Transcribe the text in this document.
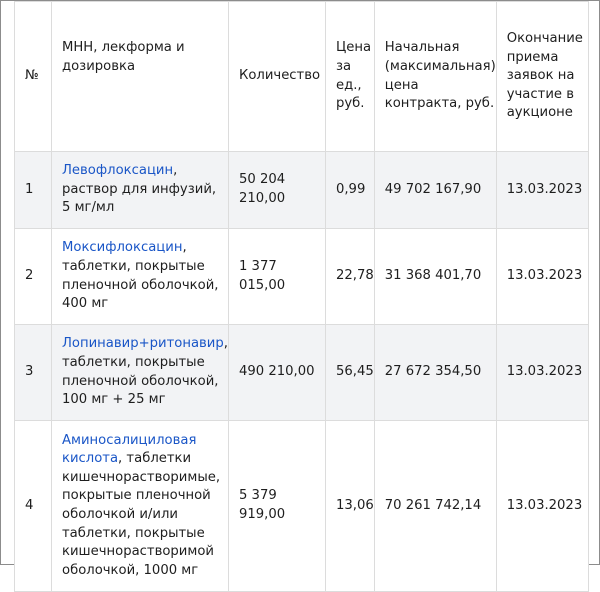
№	МНН, лекформа и дозировка	Количество	Цена за ед., руб.	Начальная (максимальная) цена контракта, руб.	Окончание приема заявок на участие в аукционе
1	Левофлоксацин, раствор для инфузий, 5 мг/мл	50 204 210,00	0,99	49 702 167,90	13.03.2023
2	Моксифлоксацин, таблетки, покрытые пленочной оболочкой, 400 мг	1 377 015,00	22,78	31 368 401,70	13.03.2023
3	Лопинавир+ритонавир, таблетки, покрытые пленочной оболочкой, 100 мг + 25 мг	490 210,00	56,45	27 672 354,50	13.03.2023
4	Аминосалициловая кислота, таблетки кишечнорастворимые, покрытые пленочной оболочкой и/или таблетки, покрытые кишечнорастворимой оболочкой, 1000 мг	5 379 919,00	13,06	70 261 742,14	13.03.2023
